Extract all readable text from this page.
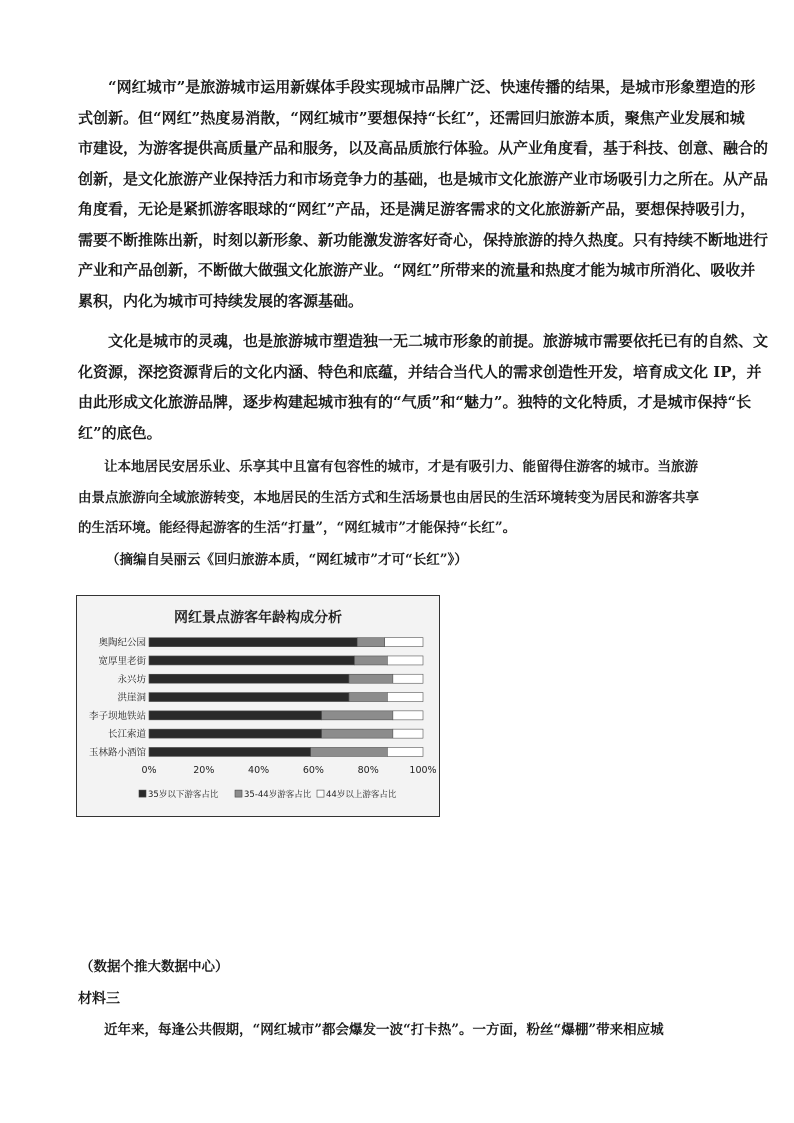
“网红城市”是旅游城市运用新媒体手段实现城市品牌广泛、快速传播的结果，是城市形象塑造的形
式创新。但“网红”热度易消散，“网红城市”要想保持“长红”，还需回归旅游本质，聚焦产业发展和城
市建设，为游客提供高质量产品和服务，以及高品质旅行体验。从产业角度看，基于科技、创意、融合的
创新，是文化旅游产业保持活力和市场竞争力的基础，也是城市文化旅游产业市场吸引力之所在。从产品
角度看，无论是紧抓游客眼球的“网红”产品，还是满足游客需求的文化旅游新产品，要想保持吸引力，
需要不断推陈出新，时刻以新形象、新功能激发游客好奇心，保持旅游的持久热度。只有持续不断地进行
产业和产品创新，不断做大做强文化旅游产业。“网红”所带来的流量和热度才能为城市所消化、吸收并
累积，内化为城市可持续发展的客源基础。
文化是城市的灵魂，也是旅游城市塑造独一无二城市形象的前提。旅游城市需要依托已有的自然、文
化资源，深挖资源背后的文化内涵、特色和底蕴，并结合当代人的需求创造性开发，培育成文化 IP，并
由此形成文化旅游品牌，逐步构建起城市独有的“气质”和“魅力”。独特的文化特质，才是城市保持“长
红”的底色。
让本地居民安居乐业、乐享其中且富有包容性的城市，才是有吸引力、能留得住游客的城市。当旅游
由景点旅游向全域旅游转变，本地居民的生活方式和生活场景也由居民的生活环境转变为居民和游客共享
的生活环境。能经得起游客的生活“打量”，“网红城市”才能保持“长红”。
（摘编自吴丽云《回归旅游本质，“网红城市”才可“长红”》）
网红景点游客年龄构成分析
奥陶纪公园
宽厚里老街
永兴坊
洪崖洞
李子坝地铁站
长江索道
玉林路小酒馆
0%	20%	40%	60%	80%	100%
35岁以下游客占比	35-44岁游客占比 44岁以上游客占比
（数据个推大数据中心）
材料三
近年来，每逢公共假期，“网红城市”都会爆发一波“打卡热”。一方面，粉丝“爆棚”带来相应城
